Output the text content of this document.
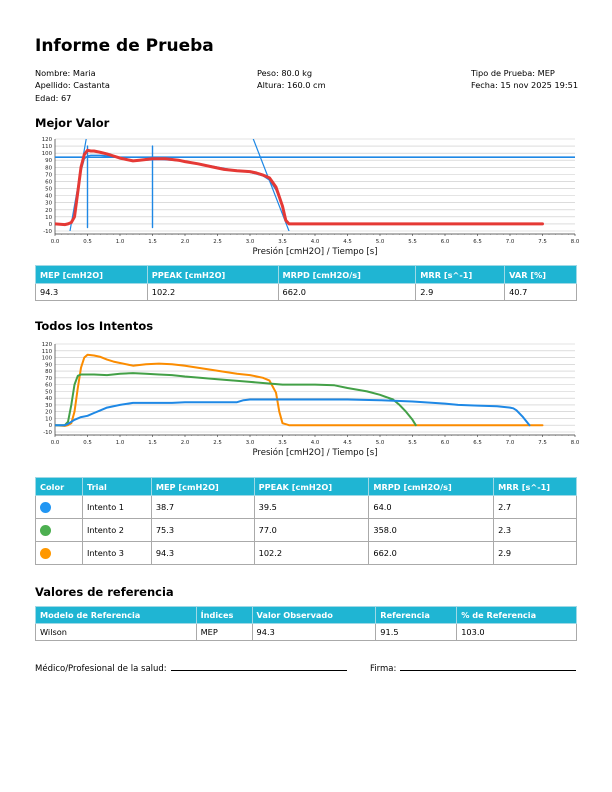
Informe de Prueba
Nombre: Maria
Apellido: Castanta
Edad: 67
Peso: 80.0 kg
Altura: 160.0 cm
Tipo de Prueba: MEP
Fecha: 15 nov 2025 19:51
Mejor Valor
120
110
100
90
80
70
60
50
40
30
20
10
0
-10
0.0	0.5	1.0	1.5	2.0	2.5	3.0	3.5	4.0	4.5	5.0	5.5	6.0	6.5	7.0	7.5	8.0
Presión [cmH2O] / Tiempo [s]
MEP [cmH2O]	PPEAK [cmH2O]	MRPD [cmH2O/s]	MRR [s^-1]	VAR [%]
94.3	102.2	662.0	2.9	40.7
Todos los Intentos
120
110
100
90
80
70
60
50
40
30
20
10
0
-10
0.0	0.5	1.0	1.5	2.0	2.5	3.0	3.5	4.0	4.5	5.0	5.5	6.0	6.5	7.0	7.5	8.0
Presión [cmH2O] / Tiempo [s]
Color	Trial	MEP [cmH2O]	PPEAK [cmH2O]	MRPD [cmH2O/s]	MRR [s^-1]
	Intento 1	38.7	39.5	64.0	2.7
	Intento 2	75.3	77.0	358.0	2.3
	Intento 3	94.3	102.2	662.0	2.9
Valores de referencia
Modelo de Referencia	Índices	Valor Observado	Referencia	% de Referencia
Wilson	MEP	94.3	91.5	103.0
Médico/Profesional de la salud:	Firma:
